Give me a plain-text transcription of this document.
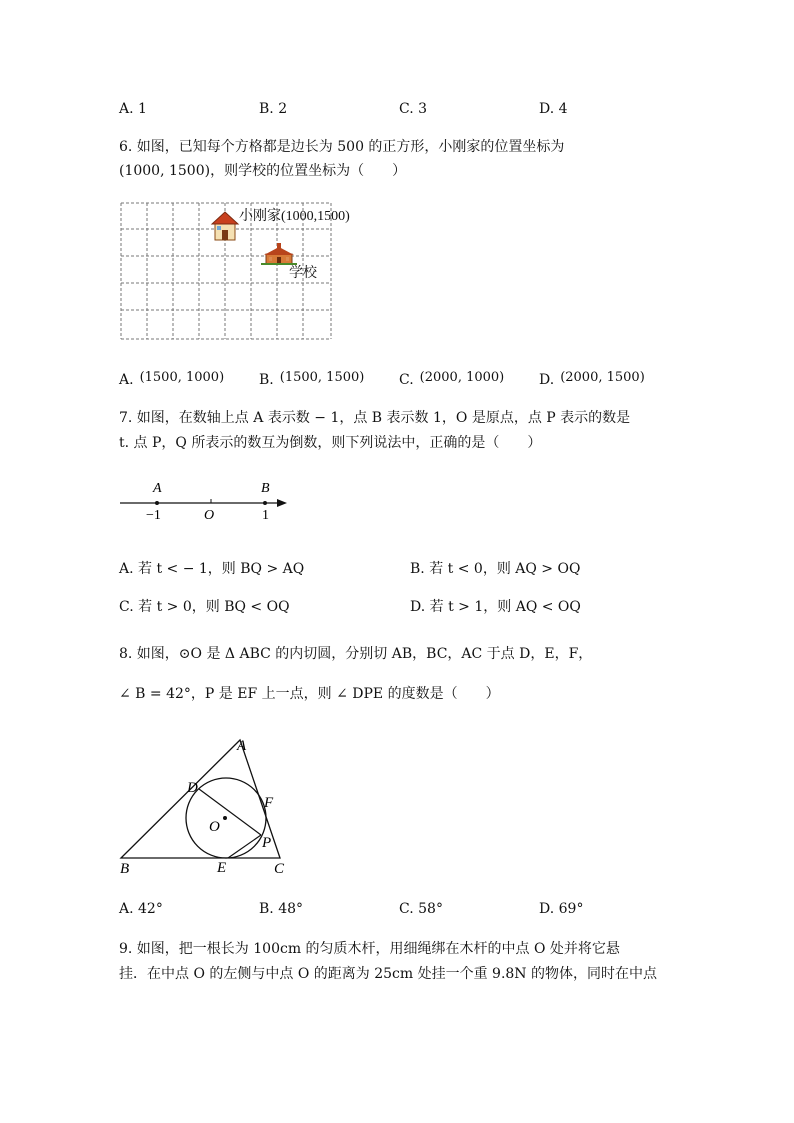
A. 1	B. 2	C. 3	D. 4
6. 如图，已知每个方格都是边长为 500 的正方形，小刚家的位置坐标为
(1000, 1500)，则学校的位置坐标为（　　）
小刚家(1000,1500)
学校
A. (1500, 1000) B. (1500, 1500) C. (2000, 1000) D. (2000, 1500)
7. 如图，在数轴上点 A 表示数 − 1，点 B 表示数 1，O 是原点，点 P 表示的数是
t. 点 P，Q 所表示的数互为倒数，则下列说法中，正确的是（　　）
A	B
−1	O	1
A. 若 t < − 1，则 BQ > AQ	B. 若 t < 0，则 AQ > OQ
C. 若 t > 0，则 BQ < OQ	D. 若 t > 1，则 AQ < OQ
8. 如图，⊙O 是 Δ ABC 的内切圆，分别切 AB，BC，AC 于点 D，E，F，
∠ B = 42°，P 是 EF 上一点，则 ∠ DPE 的度数是（　　）
A
B	C
D
E
F
O
P
A. 42°	B. 48°	C. 58°	D. 69°
9. 如图，把一根长为 100cm 的匀质木杆，用细绳绑在木杆的中点 O 处并将它悬
挂．在中点 O 的左侧与中点 O 的距离为 25cm 处挂一个重 9.8N 的物体，同时在中点
